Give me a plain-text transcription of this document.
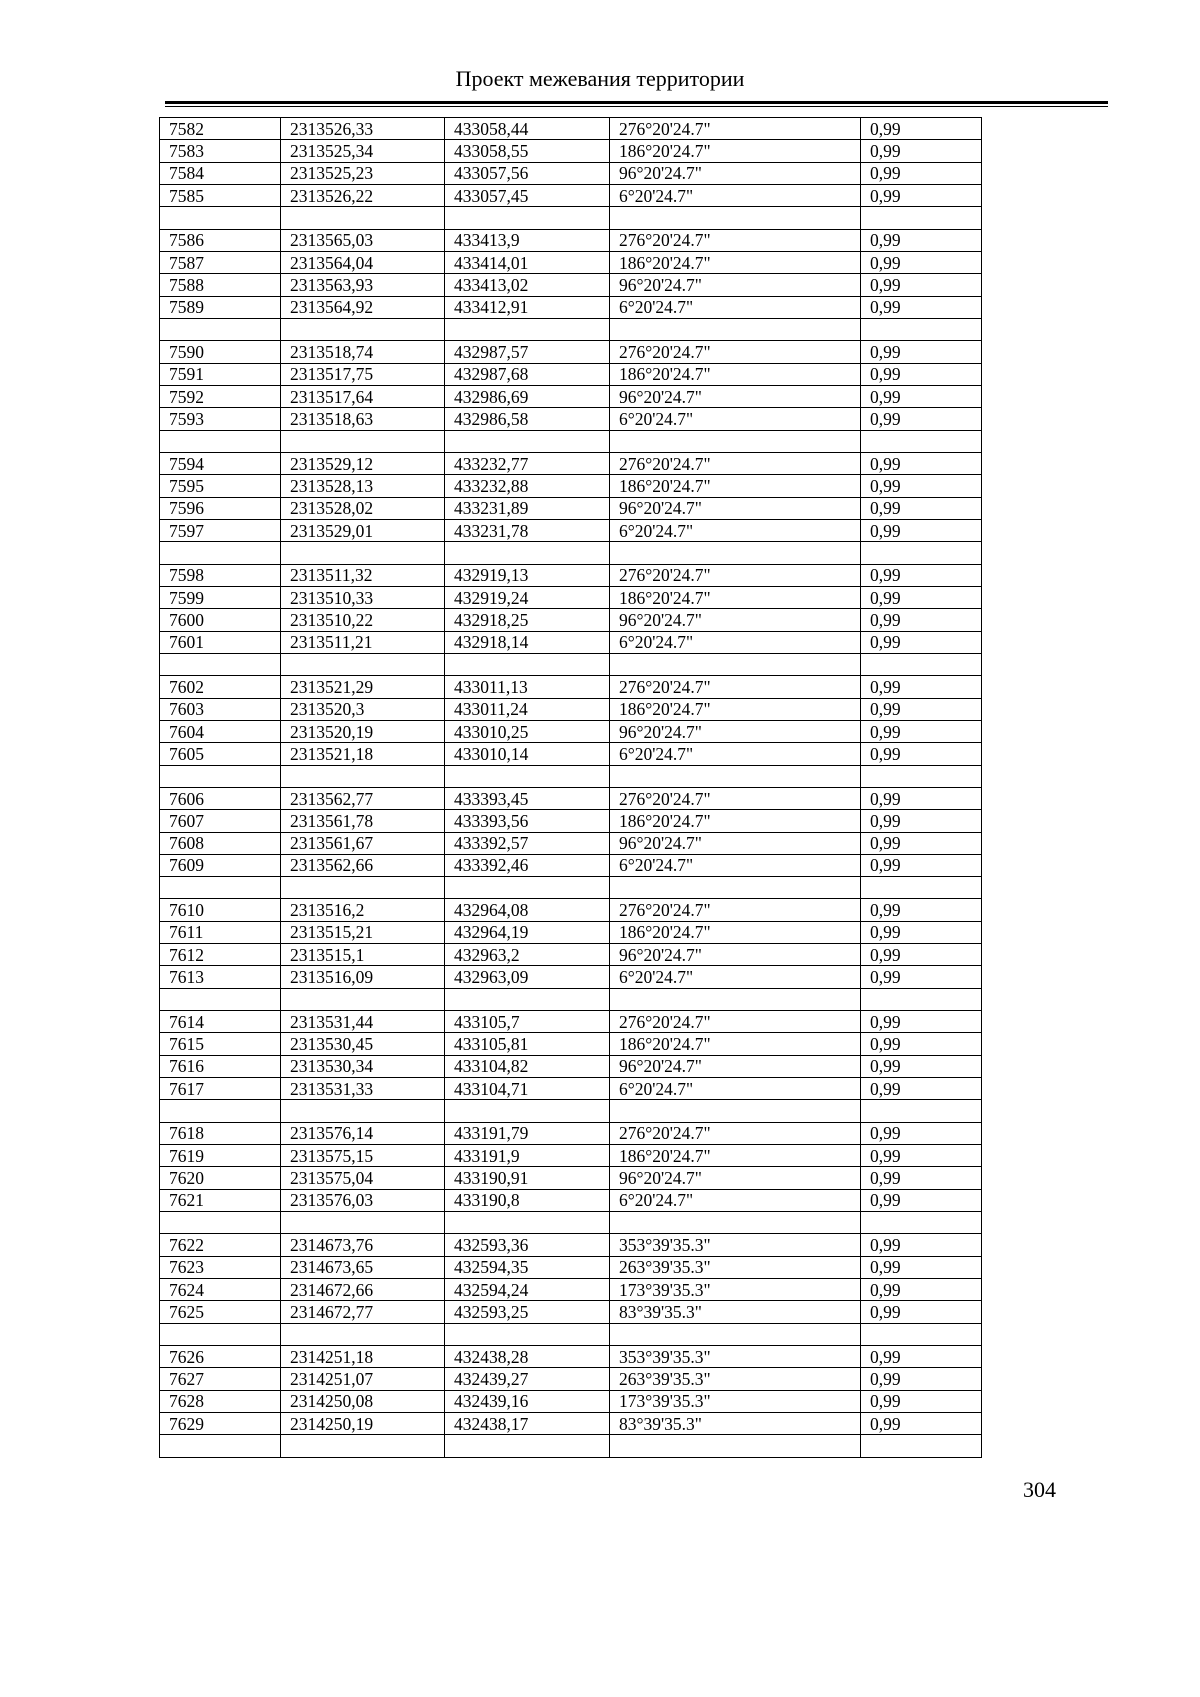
Проект межевания территории
7582	2313526,33	433058,44	276°20'24.7"	0,99
7583	2313525,34	433058,55	186°20'24.7"	0,99
7584	2313525,23	433057,56	96°20'24.7"	0,99
7585	2313526,22	433057,45	6°20'24.7"	0,99

7586	2313565,03	433413,9	276°20'24.7"	0,99
7587	2313564,04	433414,01	186°20'24.7"	0,99
7588	2313563,93	433413,02	96°20'24.7"	0,99
7589	2313564,92	433412,91	6°20'24.7"	0,99

7590	2313518,74	432987,57	276°20'24.7"	0,99
7591	2313517,75	432987,68	186°20'24.7"	0,99
7592	2313517,64	432986,69	96°20'24.7"	0,99
7593	2313518,63	432986,58	6°20'24.7"	0,99

7594	2313529,12	433232,77	276°20'24.7"	0,99
7595	2313528,13	433232,88	186°20'24.7"	0,99
7596	2313528,02	433231,89	96°20'24.7"	0,99
7597	2313529,01	433231,78	6°20'24.7"	0,99

7598	2313511,32	432919,13	276°20'24.7"	0,99
7599	2313510,33	432919,24	186°20'24.7"	0,99
7600	2313510,22	432918,25	96°20'24.7"	0,99
7601	2313511,21	432918,14	6°20'24.7"	0,99

7602	2313521,29	433011,13	276°20'24.7"	0,99
7603	2313520,3	433011,24	186°20'24.7"	0,99
7604	2313520,19	433010,25	96°20'24.7"	0,99
7605	2313521,18	433010,14	6°20'24.7"	0,99

7606	2313562,77	433393,45	276°20'24.7"	0,99
7607	2313561,78	433393,56	186°20'24.7"	0,99
7608	2313561,67	433392,57	96°20'24.7"	0,99
7609	2313562,66	433392,46	6°20'24.7"	0,99

7610	2313516,2	432964,08	276°20'24.7"	0,99
7611	2313515,21	432964,19	186°20'24.7"	0,99
7612	2313515,1	432963,2	96°20'24.7"	0,99
7613	2313516,09	432963,09	6°20'24.7"	0,99

7614	2313531,44	433105,7	276°20'24.7"	0,99
7615	2313530,45	433105,81	186°20'24.7"	0,99
7616	2313530,34	433104,82	96°20'24.7"	0,99
7617	2313531,33	433104,71	6°20'24.7"	0,99

7618	2313576,14	433191,79	276°20'24.7"	0,99
7619	2313575,15	433191,9	186°20'24.7"	0,99
7620	2313575,04	433190,91	96°20'24.7"	0,99
7621	2313576,03	433190,8	6°20'24.7"	0,99

7622	2314673,76	432593,36	353°39'35.3"	0,99
7623	2314673,65	432594,35	263°39'35.3"	0,99
7624	2314672,66	432594,24	173°39'35.3"	0,99
7625	2314672,77	432593,25	83°39'35.3"	0,99

7626	2314251,18	432438,28	353°39'35.3"	0,99
7627	2314251,07	432439,27	263°39'35.3"	0,99
7628	2314250,08	432439,16	173°39'35.3"	0,99
7629	2314250,19	432438,17	83°39'35.3"	0,99

304
